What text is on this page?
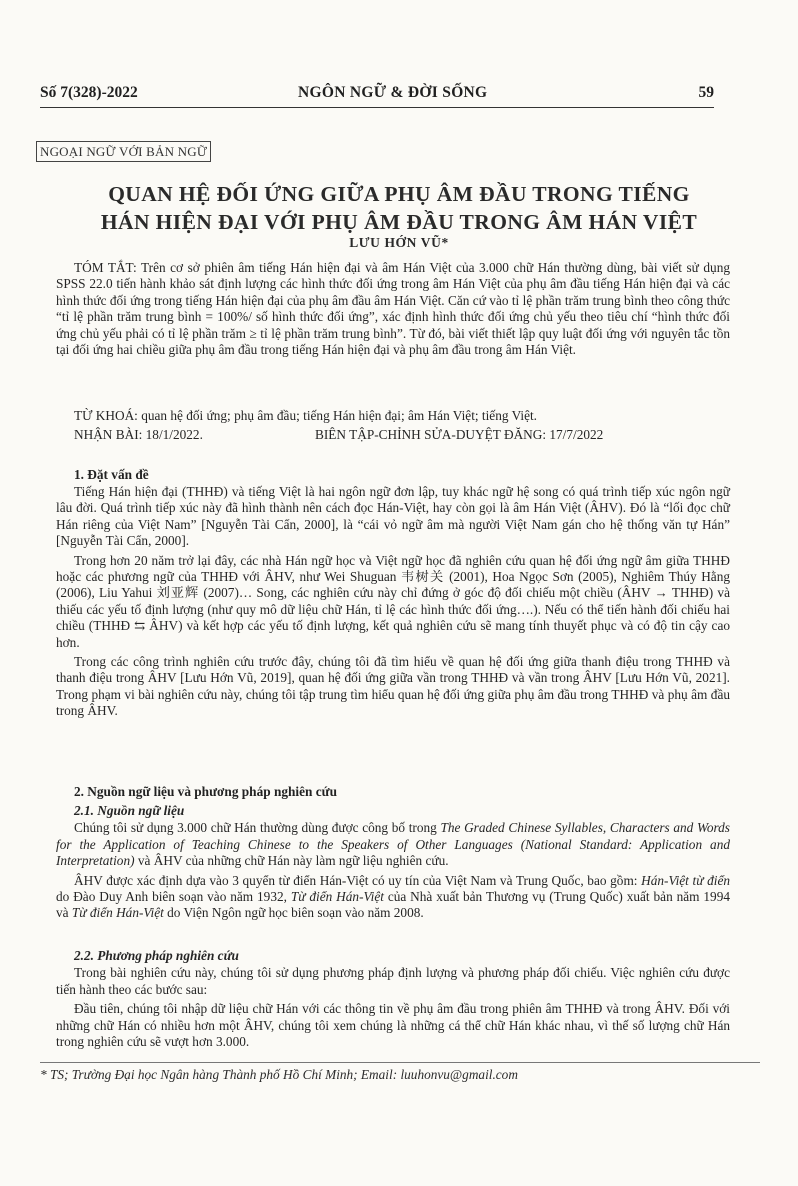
Số 7(328)-2022	NGÔN NGỮ & ĐỜI SỐNG	59
NGOẠI NGỮ VỚI BẢN NGỮ
QUAN HỆ ĐỐI ỨNG GIỮA PHỤ ÂM ĐẦU TRONG TIẾNG
HÁN HIỆN ĐẠI VỚI PHỤ ÂM ĐẦU TRONG ÂM HÁN VIỆT
LƯU HỚN VŨ*

TÓM TẮT: Trên cơ sở phiên âm tiếng Hán hiện đại và âm Hán Việt của 3.000 chữ Hán thường dùng, bài viết sử dụng SPSS 22.0 tiến hành khảo sát định lượng các hình thức đối ứng trong âm Hán Việt của phụ âm đầu tiếng Hán hiện đại và các hình thức đối ứng trong tiếng Hán hiện đại của phụ âm đầu âm Hán Việt. Căn cứ vào tỉ lệ phần trăm trung bình theo công thức “tỉ lệ phần trăm trung bình = 100%/ số hình thức đối ứng”, xác định hình thức đối ứng chủ yếu theo tiêu chí “hình thức đối ứng chủ yếu phải có tỉ lệ phần trăm ≥ tỉ lệ phần trăm trung bình”. Từ đó, bài viết thiết lập quy luật đối ứng với nguyên tắc tồn tại đối ứng hai chiều giữa phụ âm đầu trong tiếng Hán hiện đại và phụ âm đầu trong âm Hán Việt.

TỪ KHOÁ: quan hệ đối ứng; phụ âm đầu; tiếng Hán hiện đại; âm Hán Việt; tiếng Việt.
NHẬN BÀI: 18/1/2022.	BIÊN TẬP-CHỈNH SỬA-DUYỆT ĐĂNG: 17/7/2022
1. Đặt vấn đề

Tiếng Hán hiện đại (THHĐ) và tiếng Việt là hai ngôn ngữ đơn lập, tuy khác ngữ hệ song có quá trình tiếp xúc ngôn ngữ lâu đời. Quá trình tiếp xúc này đã hình thành nên cách đọc Hán-Việt, hay còn gọi là âm Hán Việt (ÂHV). Đó là “lối đọc chữ Hán riêng của Việt Nam” [Nguyễn Tài Cẩn, 2000], là “cái vỏ ngữ âm mà người Việt Nam gán cho hệ thống văn tự Hán” [Nguyễn Tài Cẩn, 2000].

Trong hơn 20 năm trở lại đây, các nhà Hán ngữ học và Việt ngữ học đã nghiên cứu quan hệ đối ứng ngữ âm giữa THHĐ hoặc các phương ngữ của THHĐ với ÂHV, như Wei Shuguan 韦树关 (2001), Hoa Ngọc Sơn (2005), Nghiêm Thúy Hằng (2006), Liu Yahui 刘亚辉 (2007)… Song, các nghiên cứu này chỉ đứng ở góc độ đối chiếu một chiều (ÂHV → THHĐ) và thiếu các yếu tố định lượng (như quy mô dữ liệu chữ Hán, tỉ lệ các hình thức đối ứng….). Nếu có thể tiến hành đối chiếu hai chiều (THHĐ ⇆ ÂHV) và kết hợp các yếu tố định lượng, kết quả nghiên cứu sẽ mang tính thuyết phục và có độ tin cậy cao hơn.

Trong các công trình nghiên cứu trước đây, chúng tôi đã tìm hiểu về quan hệ đối ứng giữa thanh điệu trong THHĐ và thanh điệu trong ÂHV [Lưu Hớn Vũ, 2019], quan hệ đối ứng giữa vần trong THHĐ và vần trong ÂHV [Lưu Hớn Vũ, 2021]. Trong phạm vi bài nghiên cứu này, chúng tôi tập trung tìm hiểu quan hệ đối ứng giữa phụ âm đầu trong THHĐ và phụ âm đầu trong ÂHV.

2. Nguồn ngữ liệu và phương pháp nghiên cứu

2.1. Nguồn ngữ liệu

Chúng tôi sử dụng 3.000 chữ Hán thường dùng được công bố trong The Graded Chinese Syllables, Characters and Words for the Application of Teaching Chinese to the Speakers of Other Languages (National Standard: Application and Interpretation) và ÂHV của những chữ Hán này làm ngữ liệu nghiên cứu.

ÂHV được xác định dựa vào 3 quyển từ điển Hán-Việt có uy tín của Việt Nam và Trung Quốc, bao gồm: Hán-Việt từ điển do Đào Duy Anh biên soạn vào năm 1932, Từ điển Hán-Việt của Nhà xuất bản Thương vụ (Trung Quốc) xuất bản năm 1994 và Từ điển Hán-Việt do Viện Ngôn ngữ học biên soạn vào năm 2008.

2.2. Phương pháp nghiên cứu

Trong bài nghiên cứu này, chúng tôi sử dụng phương pháp định lượng và phương pháp đối chiếu. Việc nghiên cứu được tiến hành theo các bước sau:

Đầu tiên, chúng tôi nhập dữ liệu chữ Hán với các thông tin về phụ âm đầu trong phiên âm THHĐ và trong ÂHV. Đối với những chữ Hán có nhiều hơn một ÂHV, chúng tôi xem chúng là những cá thể chữ Hán khác nhau, vì thế số lượng chữ Hán trong nghiên cứu sẽ vượt hơn 3.000.

* TS; Trường Đại học Ngân hàng Thành phố Hồ Chí Minh; Email: luuhonvu@gmail.com
